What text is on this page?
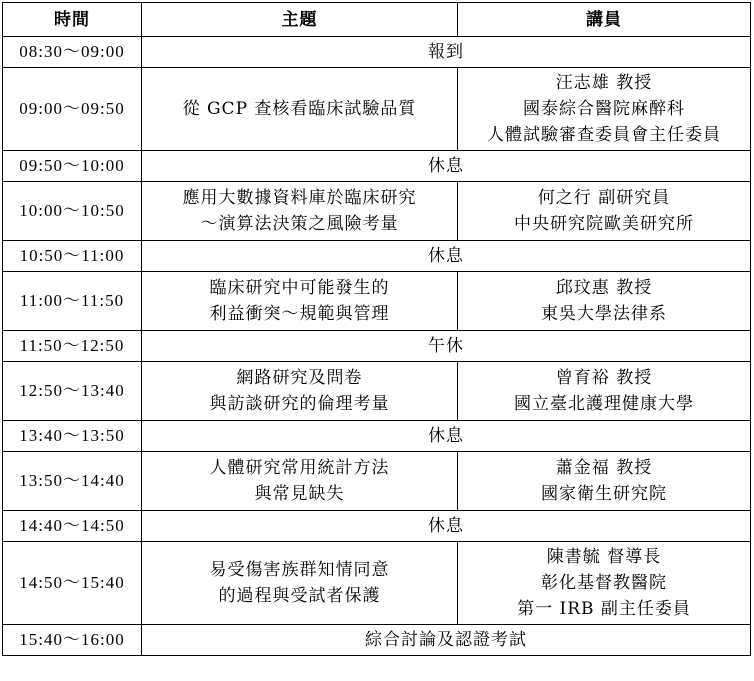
時間	主題	講員
08:30～09:00	報到	
09:00～09:50	從 GCP 查核看臨床試驗品質	汪志雄 教授
國泰綜合醫院麻醉科
人體試驗審查委員會主任委員

09:50～10:00	休息	
10:00～10:50	應用大數據資料庫於臨床研究
～演算法決策之風險考量	何之行 副研究員
中央研究院歐美研究所

10:50～11:00	休息	
11:00～11:50	臨床研究中可能發生的
利益衝突～規範與管理	邱玟惠 教授
東吳大學法律系

11:50～12:50	午休	
12:50～13:40	網路研究及問卷
與訪談研究的倫理考量	曾育裕 教授
國立臺北護理健康大學

13:40～13:50	休息	
13:50～14:40	人體研究常用統計方法
與常見缺失	蕭金福 教授
國家衛生研究院

14:40～14:50	休息	
14:50～15:40	易受傷害族群知情同意
的過程與受試者保護	陳書毓 督導長
彰化基督教醫院
第一 IRB 副主任委員

15:40～16:00	綜合討論及認證考試	
